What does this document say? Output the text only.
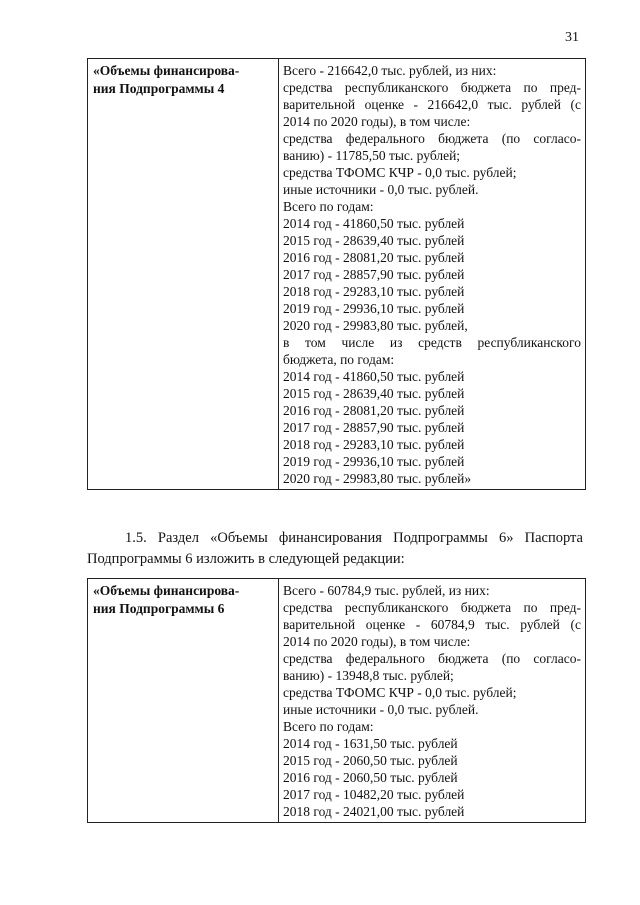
31
«Объемы финансирова-
ния Подпрограммы 4

Всего - 216642,0 тыс. рублей, из них:
средства республиканского бюджета по пред-
варительной оценке - 216642,0 тыс. рублей (с
2014 по 2020 годы), в том числе:
средства федерального бюджета (по согласо-
ванию) - 11785,50 тыс. рублей;
средства ТФОМС КЧР - 0,0 тыс. рублей;
иные источники - 0,0 тыс. рублей.
Всего по годам:
2014 год - 41860,50 тыс. рублей
2015 год - 28639,40 тыс. рублей
2016 год - 28081,20 тыс. рублей
2017 год - 28857,90 тыс. рублей
2018 год - 29283,10 тыс. рублей
2019 год - 29936,10 тыс. рублей
2020 год - 29983,80 тыс. рублей,
в том числе из средств республиканского
бюджета, по годам:
2014 год - 41860,50 тыс. рублей
2015 год - 28639,40 тыс. рублей
2016 год - 28081,20 тыс. рублей
2017 год - 28857,90 тыс. рублей
2018 год - 29283,10 тыс. рублей
2019 год - 29936,10 тыс. рублей
2020 год - 29983,80 тыс. рублей»
1.5. Раздел «Объемы финансирования Подпрограммы 6» Паспорта
Подпрограммы 6 изложить в следующей редакции:
«Объемы финансирова-
ния Подпрограммы 6

Всего - 60784,9 тыс. рублей, из них:
средства республиканского бюджета по пред-
варительной оценке - 60784,9 тыс. рублей (с
2014 по 2020 годы), в том числе:
средства федерального бюджета (по согласо-
ванию) - 13948,8 тыс. рублей;
средства ТФОМС КЧР - 0,0 тыс. рублей;
иные источники - 0,0 тыс. рублей.
Всего по годам:
2014 год - 1631,50 тыс. рублей
2015 год - 2060,50 тыс. рублей
2016 год - 2060,50 тыс. рублей
2017 год - 10482,20 тыс. рублей
2018 год - 24021,00 тыс. рублей
